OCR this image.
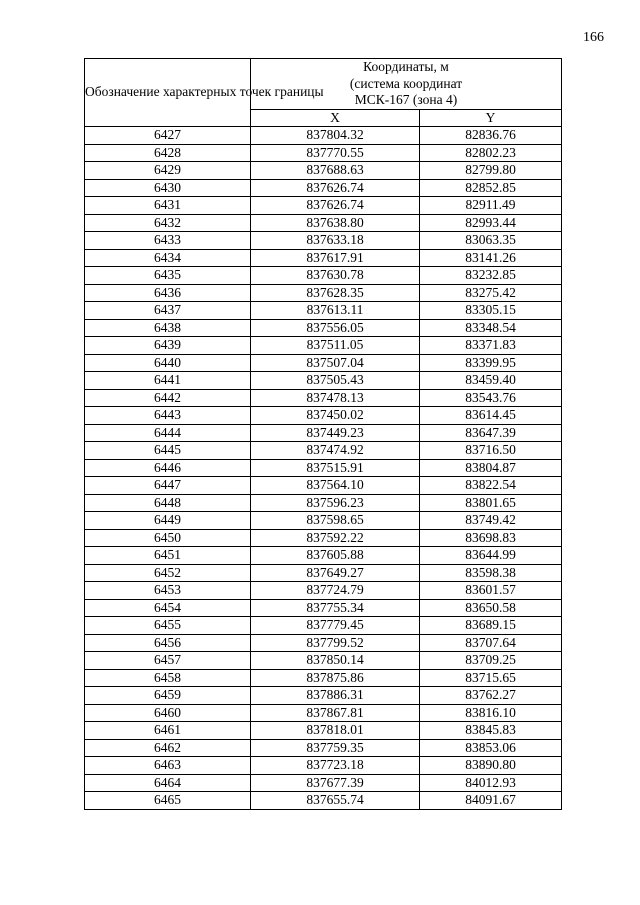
166
Обозначение характерных точек границы	Координаты, м
(система координат
МСК-167 (зона 4)	

	X	Y
6427	837804.32	82836.76
6428	837770.55	82802.23
6429	837688.63	82799.80
6430	837626.74	82852.85
6431	837626.74	82911.49
6432	837638.80	82993.44
6433	837633.18	83063.35
6434	837617.91	83141.26
6435	837630.78	83232.85
6436	837628.35	83275.42
6437	837613.11	83305.15
6438	837556.05	83348.54
6439	837511.05	83371.83
6440	837507.04	83399.95
6441	837505.43	83459.40
6442	837478.13	83543.76
6443	837450.02	83614.45
6444	837449.23	83647.39
6445	837474.92	83716.50
6446	837515.91	83804.87
6447	837564.10	83822.54
6448	837596.23	83801.65
6449	837598.65	83749.42
6450	837592.22	83698.83
6451	837605.88	83644.99
6452	837649.27	83598.38
6453	837724.79	83601.57
6454	837755.34	83650.58
6455	837779.45	83689.15
6456	837799.52	83707.64
6457	837850.14	83709.25
6458	837875.86	83715.65
6459	837886.31	83762.27
6460	837867.81	83816.10
6461	837818.01	83845.83
6462	837759.35	83853.06
6463	837723.18	83890.80
6464	837677.39	84012.93
6465	837655.74	84091.67
